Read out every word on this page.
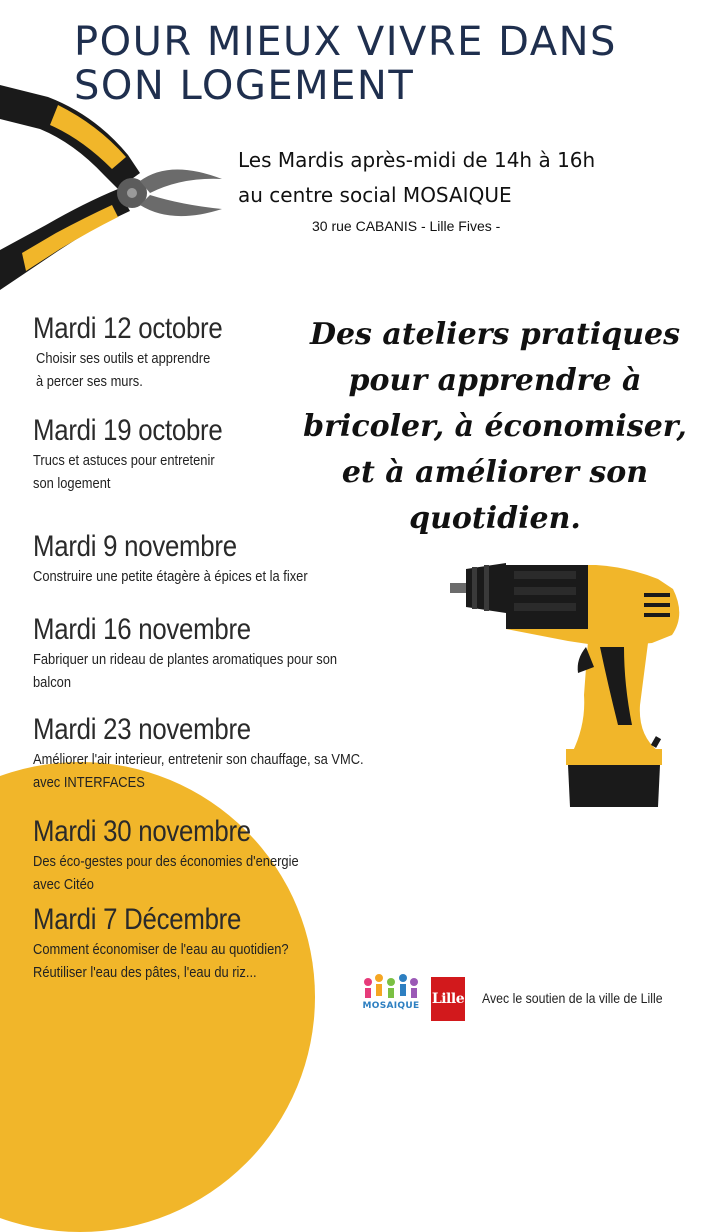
POUR MIEUX VIVRE DANS
SON LOGEMENT
Les Mardis après-midi de 14h à 16h
au centre social MOSAIQUE
30 rue CABANIS - Lille Fives -
Des ateliers pratiques
pour apprendre à
bricoler, à économiser,
et à améliorer son
quotidien.
Mardi 12 octobre
Choisir ses outils et apprendre
à percer ses murs.
Mardi 19 octobre
Trucs et astuces pour entretenir
son logement
Mardi 9 novembre
Construire une petite étagère à épices et la fixer
Mardi 16 novembre
Fabriquer un rideau de plantes aromatiques pour son
balcon
Mardi 23 novembre
Améliorer l'air interieur, entretenir son chauffage, sa VMC.
avec INTERFACES
Mardi 30 novembre
Des éco-gestes pour des économies d'energie
avec Citéo
Mardi 7 Décembre
Comment économiser de l'eau au quotidien?
Réutiliser l'eau des pâtes, l'eau du riz...
MOSAIQUE Lille Avec le soutien de la ville de Lille
